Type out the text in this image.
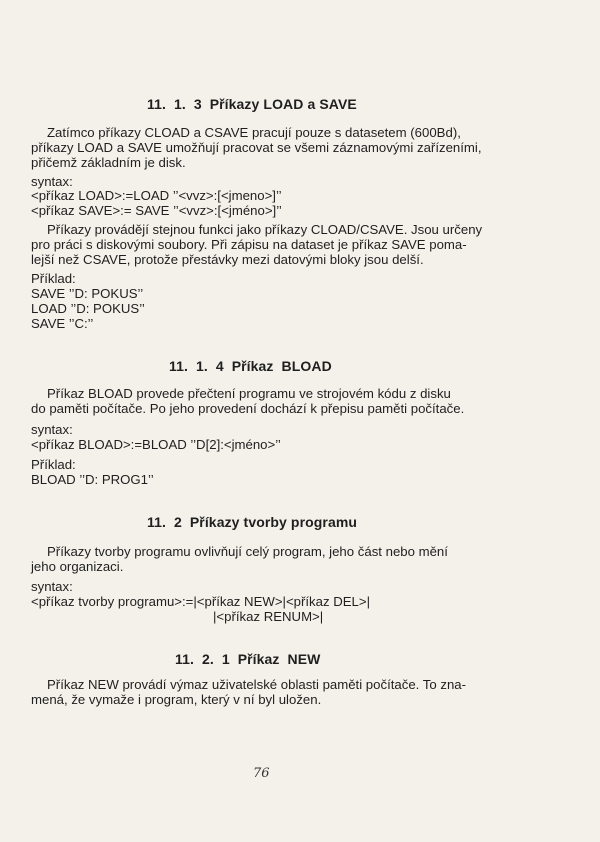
11.  1.  3  Příkazy LOAD a SAVE
Zatímco příkazy CLOAD a CSAVE pracují pouze s datasetem (600Bd),
příkazy LOAD a SAVE umožňují pracovat se všemi záznamovými zařízeními,
přičemž základním je disk.
syntax:
<příkaz LOAD>:=LOAD ’’<vvz>:[<jmeno>]’’
<příkaz SAVE>:= SAVE ’’<vvz>:[<jméno>]’’
Příkazy provádějí stejnou funkci jako příkazy CLOAD/CSAVE. Jsou určeny
pro práci s diskovými soubory. Při zápisu na dataset je příkaz SAVE poma-
lejší než CSAVE, protože přestávky mezi datovými bloky jsou delší.
Příklad:
SAVE ’’D: POKUS’’
LOAD ’’D: POKUS’’
SAVE ’’C:’’
11.  1.  4  Příkaz  BLOAD
Příkaz BLOAD provede přečtení programu ve strojovém kódu z disku
do paměti počítače. Po jeho provedení dochází k přepisu paměti počítače.
syntax:
<příkaz BLOAD>:=BLOAD ’’D[2]:<jméno>’’
Příklad:
BLOAD ’’D: PROG1’’
11.  2  Příkazy tvorby programu
Příkazy tvorby programu ovlivňují celý program, jeho část nebo mění
jeho organizaci.
syntax:
<příkaz tvorby programu>:=|<příkaz NEW>|<příkaz DEL>|
|<příkaz RENUM>|
11.  2.  1  Příkaz  NEW
Příkaz NEW provádí výmaz uživatelské oblasti paměti počítače. To zna-
mená, že vymaže i program, který v ní byl uložen.
76
